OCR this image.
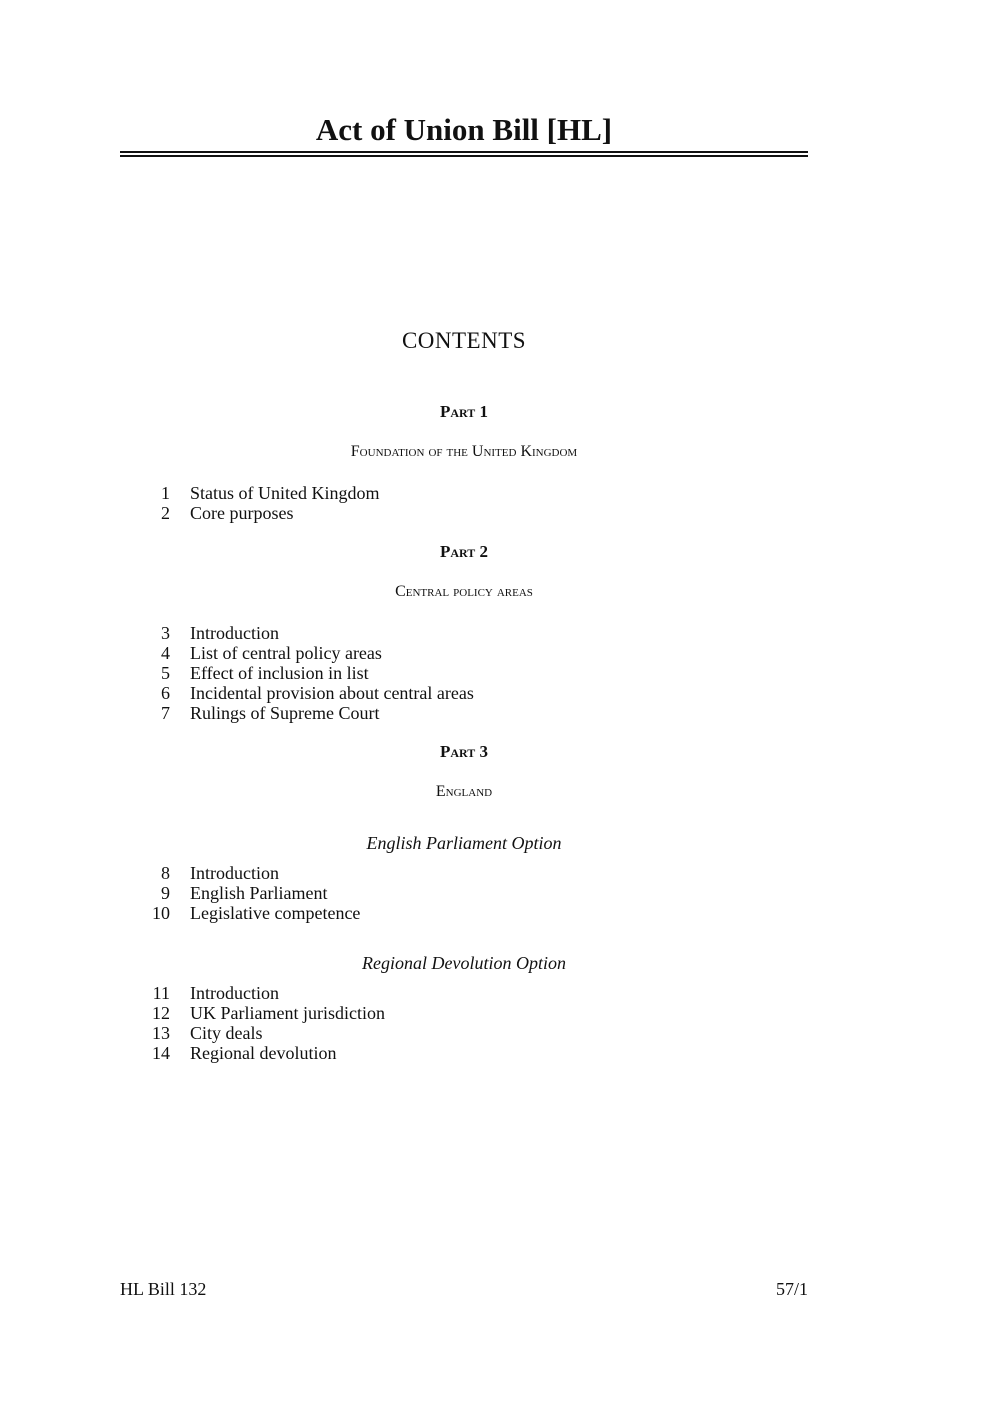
Act of Union Bill [HL]
CONTENTS
Part 1
Foundation of the United Kingdom
1 Status of United Kingdom
2 Core purposes
Part 2
Central policy areas
3 Introduction
4 List of central policy areas
5 Effect of inclusion in list
6 Incidental provision about central areas
7 Rulings of Supreme Court
Part 3
England
English Parliament Option
8 Introduction
9 English Parliament
10 Legislative competence
Regional Devolution Option
11 Introduction
12 UK Parliament jurisdiction
13 City deals
14 Regional devolution
HL Bill 132	57/1
